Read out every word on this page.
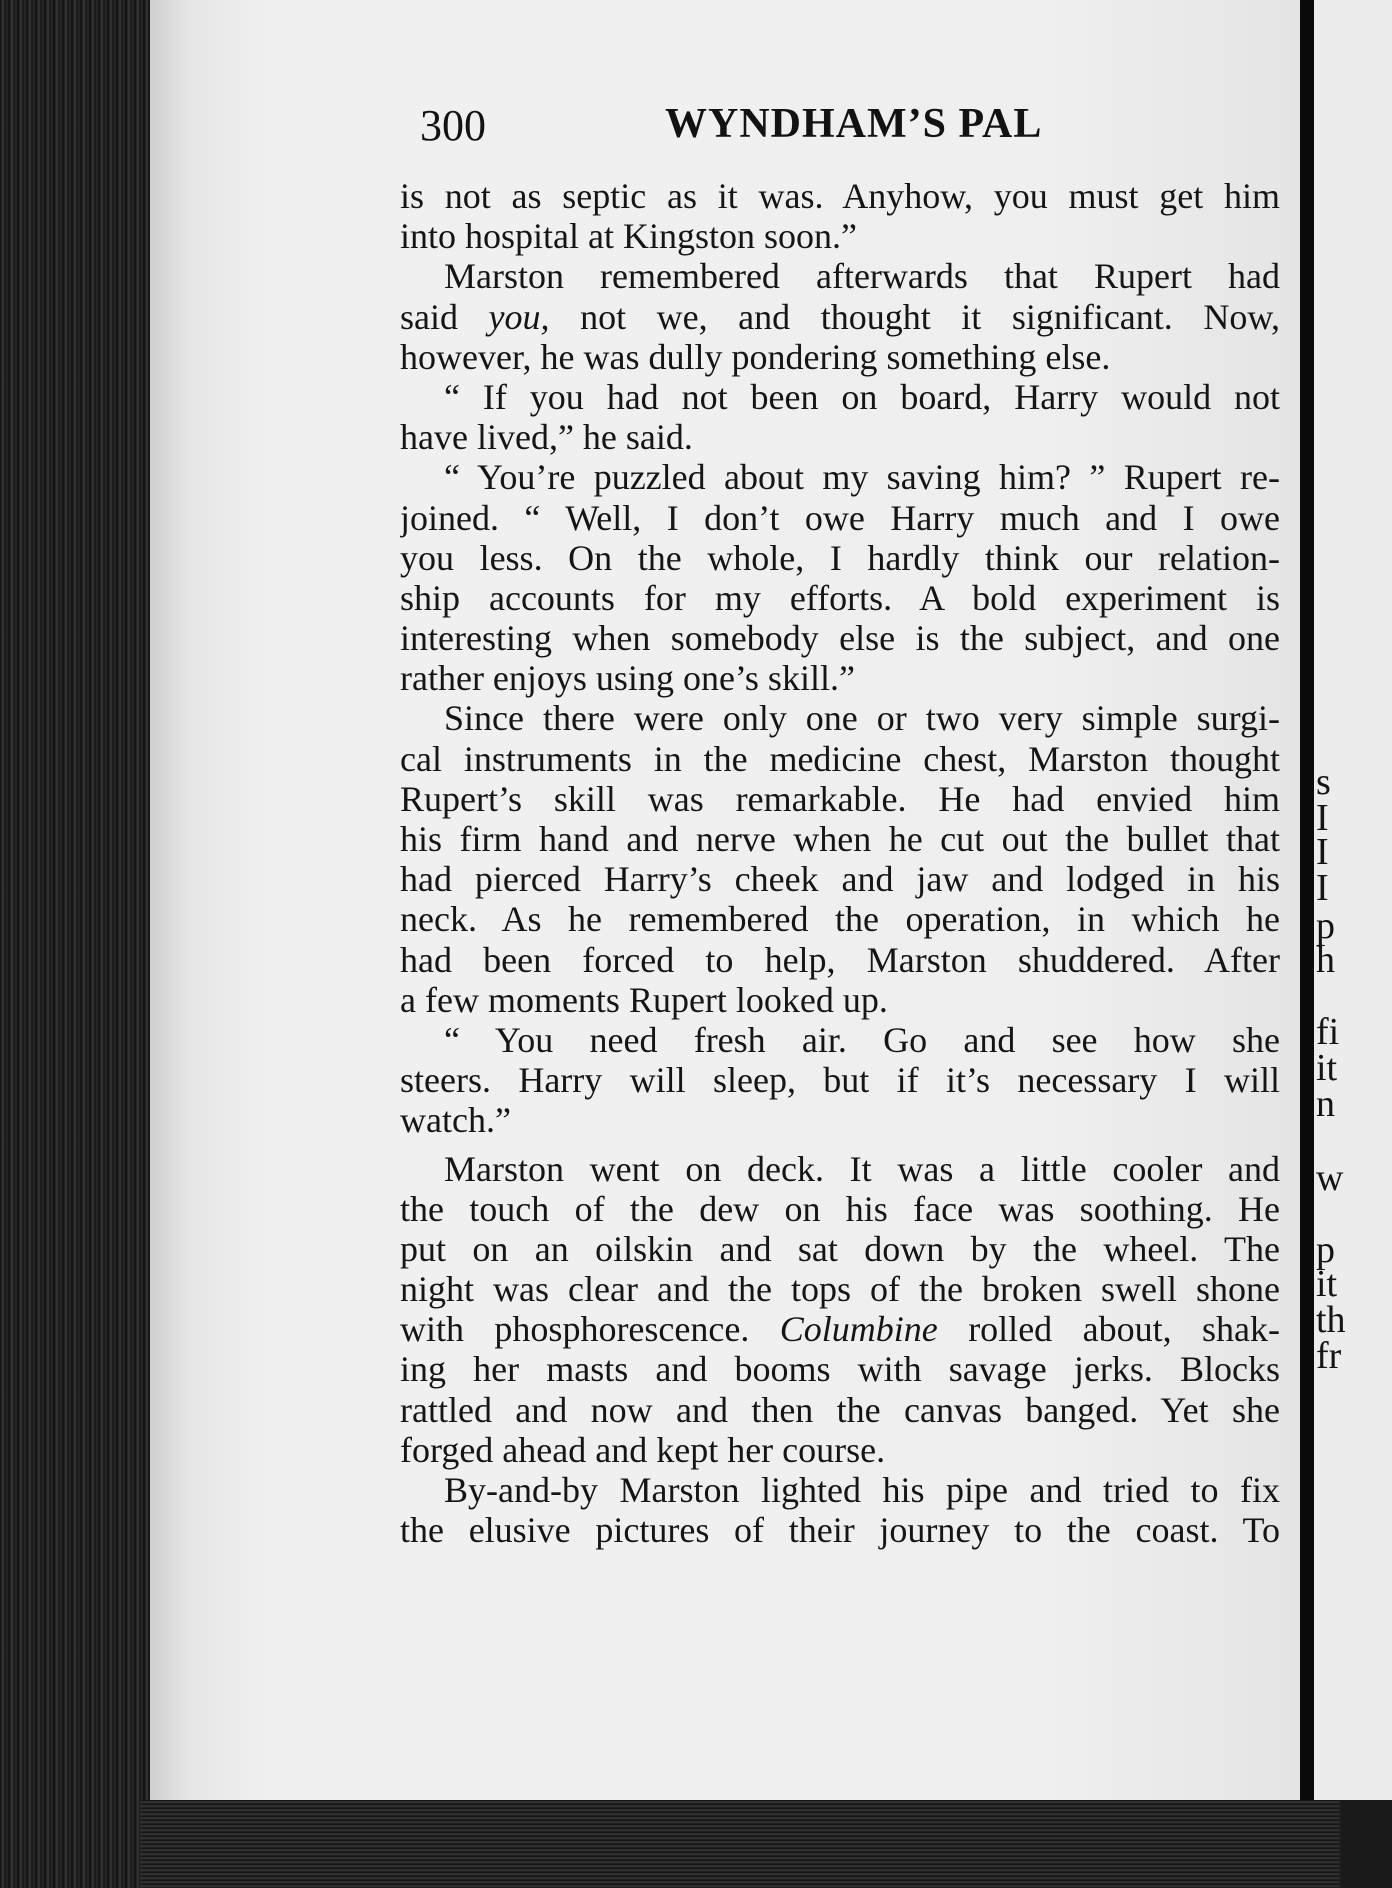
s
I
I
I
p
h
fi
it
n
w
p
it
th
fr
300	WYNDHAM’S PAL
is not as septic as it was. Anyhow, you must get him
into hospital at Kingston soon.”
Marston remembered afterwards that Rupert had
said you, not we, and thought it significant. Now,
however, he was dully pondering something else.
“ If you had not been on board, Harry would not
have lived,” he said.
“ You’re puzzled about my saving him? ” Rupert re-
joined. “ Well, I don’t owe Harry much and I owe
you less. On the whole, I hardly think our relation-
ship accounts for my efforts. A bold experiment is
interesting when somebody else is the subject, and one
rather enjoys using one’s skill.”
Since there were only one or two very simple surgi-
cal instruments in the medicine chest, Marston thought
Rupert’s skill was remarkable. He had envied him
his firm hand and nerve when he cut out the bullet that
had pierced Harry’s cheek and jaw and lodged in his
neck. As he remembered the operation, in which he
had been forced to help, Marston shuddered. After
a few moments Rupert looked up.
“ You need fresh air. Go and see how she
steers. Harry will sleep, but if it’s necessary I will
watch.”
Marston went on deck. It was a little cooler and
the touch of the dew on his face was soothing. He
put on an oilskin and sat down by the wheel. The
night was clear and the tops of the broken swell shone
with phosphorescence. Columbine rolled about, shak-
ing her masts and booms with savage jerks. Blocks
rattled and now and then the canvas banged. Yet she
forged ahead and kept her course.
By-and-by Marston lighted his pipe and tried to fix
the elusive pictures of their journey to the coast. To
